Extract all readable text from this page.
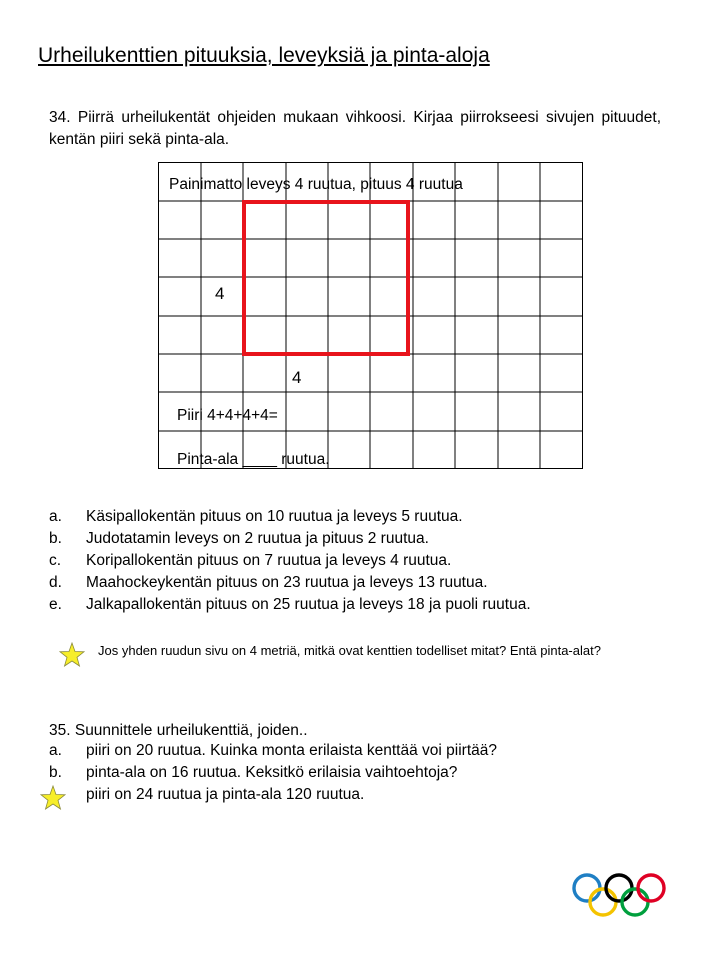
Urheilukenttien pituuksia, leveyksiä ja pinta-aloja
34. Piirrä urheilukentät ohjeiden mukaan vihkoosi. Kirjaa piirrokseesi sivujen pituudet, kentän piiri sekä pinta-ala.
Painimatto leveys 4 ruutua, pituus 4 ruutua
4
4
Piiri 4+4+4+4=
Pinta-ala ____ ruutua.
a. Käsipallokentän pituus on 10 ruutua ja leveys 5 ruutua.
b. Judotatamin leveys on 2 ruutua ja pituus 2 ruutua.
c. Koripallokentän pituus on 7 ruutua ja leveys 4 ruutua.
d. Maahockeykentän pituus on 23 ruutua ja leveys 13 ruutua.
e. Jalkapallokentän pituus on 25 ruutua ja leveys 18 ja puoli ruutua.
Jos yhden ruudun sivu on 4 metriä, mitkä ovat kenttien todelliset mitat? Entä pinta-alat?
35. Suunnittele urheilukenttiä, joiden..
a. piiri on 20 ruutua. Kuinka monta erilaista kenttää voi piirtää?
b. pinta-ala on 16 ruutua. Keksitkö erilaisia vaihtoehtoja?
piiri on 24 ruutua ja pinta-ala 120 ruutua.
